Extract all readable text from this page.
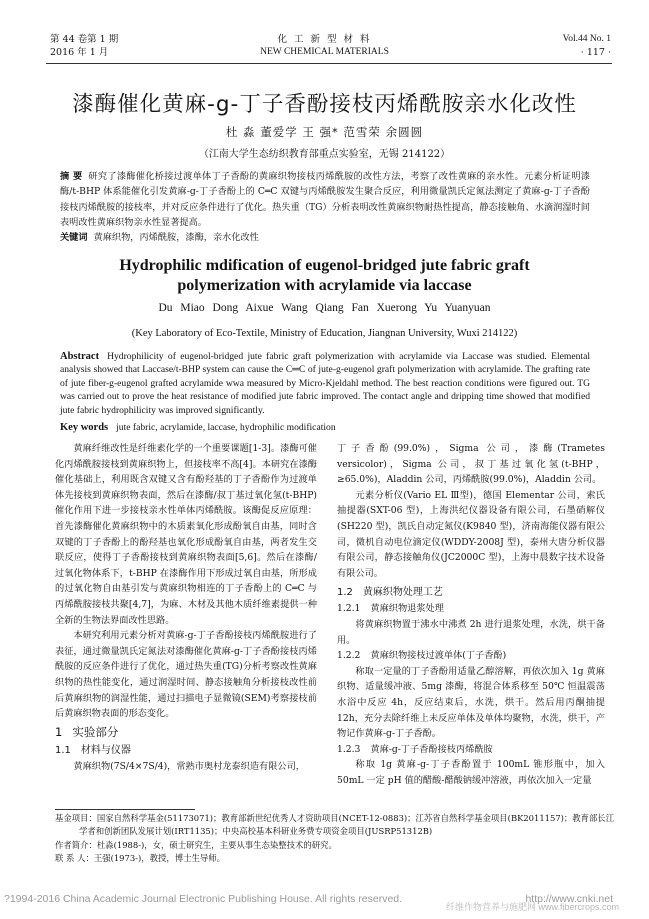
第 44 卷第 1 期
2016 年 1 月
化 工 新 型 材 料
NEW CHEMICAL MATERIALS
Vol.44 No. 1
· 117 ·
漆酶催化黄麻-g-丁子香酚接枝丙烯酰胺亲水化改性
杜 淼 董爱学 王 强* 范雪荣 余圆圆
（江南大学生态纺织教育部重点实验室，无锡 214122）
摘 要 研究了漆酶催化桥接过渡单体丁子香酚的黄麻织物接枝丙烯酰胺的改性方法，考察了改性黄麻的亲水性。元素分析证明漆酶/t-BHP 体系能催化引发黄麻-g-丁子香酚上的 C═C 双键与丙烯酰胺发生聚合反应，利用微量凯氏定氮法测定了黄麻-g-丁子香酚接枝丙烯酰胺的接枝率，并对反应条件进行了优化。热失重（TG）分析表明改性黄麻织物耐热性提高，静态接触角、水滴润湿时间表明改性黄麻织物亲水性显著提高。
关键词 黄麻织物，丙烯酰胺，漆酶，亲水化改性
Hydrophilic mdification of eugenol-bridged jute fabric graft
polymerization with acrylamide via laccase
Du Miao Dong Aixue Wang Qiang Fan Xuerong Yu Yuanyuan
(Key Laboratory of Eco-Textile, Ministry of Education, Jiangnan University, Wuxi 214122)
Abstract Hydrophilicity of eugenol-bridged jute fabric graft polymerization with acrylamide via Laccase was studied. Elemental analysis showed that Laccase/t-BHP system can cause the C═C of jute-g-eugenol graft polymerization with acrylamide. The grafting rate of jute fiber-g-eugenol grafted acrylamide wwa measured by Micro-Kjeldahl method. The best reaction conditions were figured out. TG was carried out to prove the heat resistance of modified jute fabric improved. The contact angle and dripping time showed that modified jute fabric hydrophilicity was improved significantly.
Key words jute fabric, acrylamide, laccase, hydrophilic modification

黄麻纤维改性是纤维素化学的一个重要课题[1-3]。漆酶可催化丙烯酰胺接枝到黄麻织物上，但接枝率不高[4]。本研究在漆酶催化基础上，利用既含双键又含有酚羟基的丁子香酚作为过渡单体先接枝到黄麻织物表面，然后在漆酶/叔丁基过氧化氢(t-BHP)催化作用下进一步接枝亲水性单体丙烯酰胺。该酶促反应原理：首先漆酶催化黄麻织物中的木质素氧化形成酚氧自由基，同时含双键的丁子香酚上的酚羟基也氧化形成酚氧自由基，两者发生交联反应，使得丁子香酚接枝到黄麻织物表面[5,6]。然后在漆酶/过氧化物体系下，t-BHP 在漆酶作用下形成过氧自由基，所形成的过氧化物自由基引发与黄麻织物相连的丁子香酚上的 C═C 与丙烯酰胺接枝共聚[4,7]，为麻、木材及其他木质纤维素提供一种全新的生物法界面改性思路。

本研究利用元素分析对黄麻-g-丁子香酚接枝丙烯酰胺进行了表征，通过微量凯氏定氮法对漆酶催化黄麻-g-丁子香酚接枝丙烯酰胺的反应条件进行了优化，通过热失重(TG)分析考察改性黄麻织物的热性能变化，通过润湿时间、静态接触角分析接枝改性前后黄麻织物的润湿性能，通过扫描电子显微镜(SEM)考察接枝前后黄麻织物表面的形态变化。

1 实验部分
1.1 材料与仪器

黄麻织物(7S/4×7S/4)，常熟市奥村龙泰织造有限公司，

丁子香酚(99.0%)，Sigma 公司，漆酶(Trametes versicolor)，Sigma 公司，叔丁基过氧化氢(t-BHP，≥65.0%)，Aladdin 公司，丙烯酰胺(99.0%)，Aladdin 公司。

元素分析仪(Vario EL Ⅲ型)，德国 Elementar 公司，索氏抽提器(SXT-06 型)，上海洪纪仪器设备有限公司，石墨硝解仪(SH220 型)，凯氏自动定氮仪(K9840 型)，济南海能仪器有限公司，微机自动电位滴定仪(WDDY-2008J 型)，泰州大唐分析仪器有限公司，静态接触角仪(JC2000C 型)，上海中晨数字技术设备有限公司。

1.2 黄麻织物处理工艺
1.2.1 黄麻织物退浆处理

将黄麻织物置于沸水中沸煮 2h 进行退浆处理，水洗，烘干备用。

1.2.2 黄麻织物接枝过渡单体(丁子香酚)

称取一定量的丁子香酚用适量乙醇溶解，再依次加入 1g 黄麻织物、适量缓冲液、5mg 漆酶，将混合体系移至 50℃ 恒温震荡水浴中反应 4h，反应结束后，水洗，烘干。然后用丙酮抽提 12h，充分去除纤维上未反应单体及单体均聚物，水洗，烘干，产物记作黄麻-g-丁子香酚。

1.2.3 黄麻-g-丁子香酚接枝丙烯酰胺

称取 1g 黄麻-g-丁子香酚置于 100mL 锥形瓶中，加入 50mL 一定 pH 值的醋酸-醋酸钠缓冲溶液，再依次加入一定量

基金项目：国家自然科学基金(51173071)；教育部新世纪优秀人才资助项目(NCET-12-0883)；江苏省自然科学基金项目(BK2011157)；教育部长江
学者和创新团队发展计划(IRT1135)；中央高校基本科研业务费专项资金项目(JUSRP51312B)
作者简介：杜淼(1988-)，女，硕士研究生，主要从事生态染整技术的研究。
联 系 人：王强(1973-)，教授，博士生导师。
?1994-2016 China Academic Journal Electronic Publishing House. All rights reserved.	http://www.cnki.net
纤维作物营养与施肥网 www.fibercrops.com
